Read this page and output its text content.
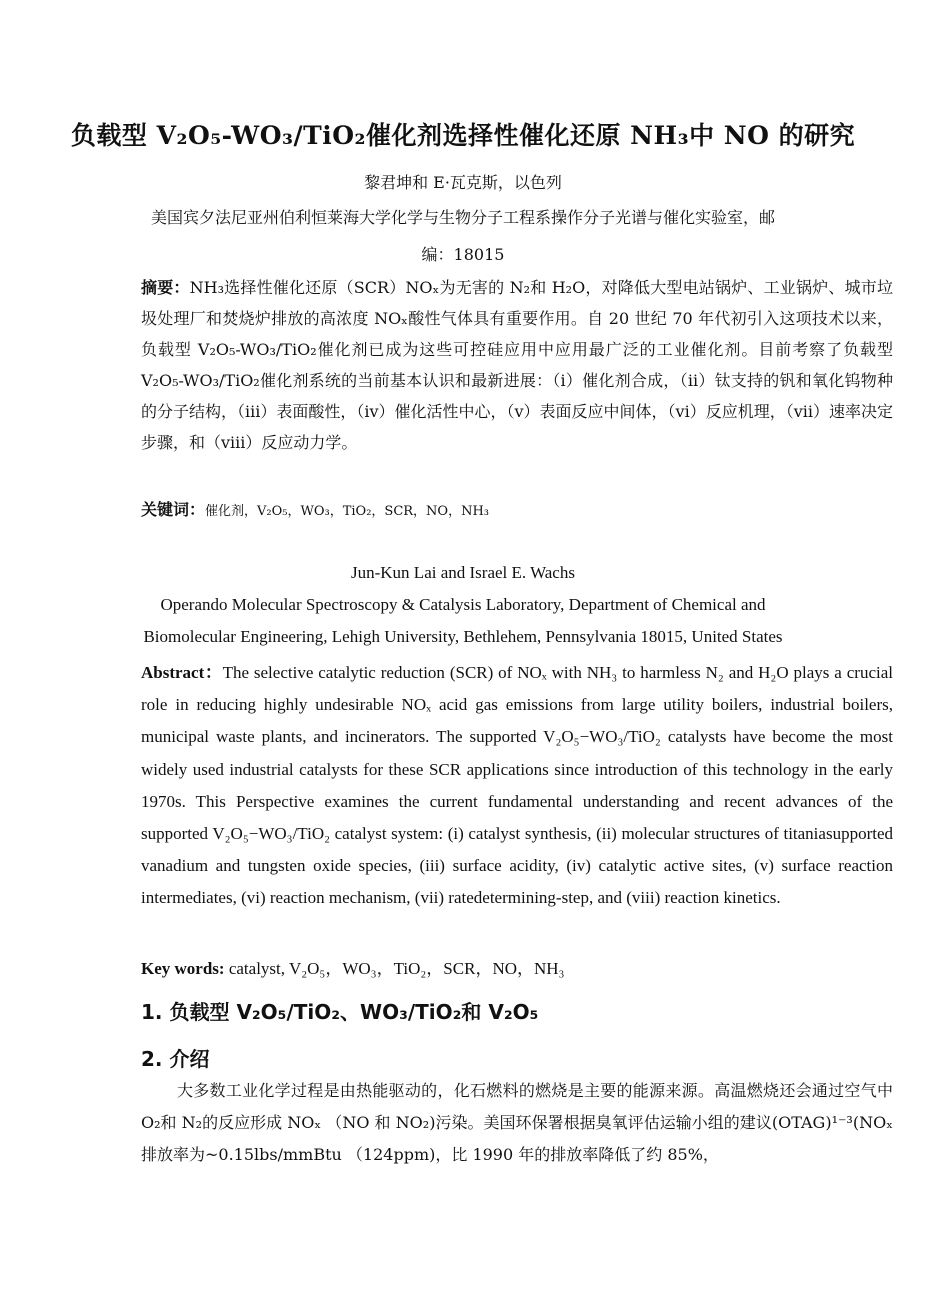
负载型 V₂O₅-WO₃/TiO₂催化剂选择性催化还原 NH₃中 NO 的研究
黎君坤和 E·瓦克斯，以色列
美国宾夕法尼亚州伯利恒莱海大学化学与生物分子工程系操作分子光谱与催化实验室，邮
编：18015
摘要：NH₃选择性催化还原（SCR）NOₓ为无害的 N₂和 H₂O，对降低大型电站锅炉、工业锅炉、城市垃圾处理厂和焚烧炉排放的高浓度 NOₓ酸性气体具有重要作用。自 20 世纪 70 年代初引入这项技术以来，负载型 V₂O₅-WO₃/TiO₂催化剂已成为这些可控硅应用中应用最广泛的工业催化剂。目前考察了负载型 V₂O₅-WO₃/TiO₂催化剂系统的当前基本认识和最新进展：（i）催化剂合成，（ii）钛支持的钒和氧化钨物种的分子结构，（iii）表面酸性，（iv）催化活性中心，（v）表面反应中间体，（vi）反应机理，（vii）速率决定步骤，和（viii）反应动力学。
关键词：催化剂，V₂O₅，WO₃，TiO₂，SCR，NO，NH₃
Jun-Kun Lai and Israel E. Wachs
Operando Molecular Spectroscopy & Catalysis Laboratory, Department of Chemical and
Biomolecular Engineering, Lehigh University, Bethlehem, Pennsylvania 18015, United States
Abstract：The selective catalytic reduction (SCR) of NOₓ with NH₃ to harmless N₂ and H₂O plays a crucial role in reducing highly undesirable NOₓ acid gas emissions from large utility boilers, industrial boilers, municipal waste plants, and incinerators. The supported V₂O₅−WO₃/TiO₂ catalysts have become the most widely used industrial catalysts for these SCR applications since introduction of this technology in the early 1970s. This Perspective examines the current fundamental understanding and recent advances of the supported V₂O₅−WO₃/TiO₂ catalyst system: (i) catalyst synthesis, (ii) molecular structures of titaniasupported vanadium and tungsten oxide species, (iii) surface acidity, (iv) catalytic active sites, (v) surface reaction intermediates, (vi) reaction mechanism, (vii) ratedetermining-step, and (viii) reaction kinetics.
Key words: catalyst, V₂O₅，WO₃，TiO₂，SCR，NO，NH₃
1. 负载型 V₂O₅/TiO₂、WO₃/TiO₂和 V₂O₅
2. 介绍
大多数工业化学过程是由热能驱动的，化石燃料的燃烧是主要的能源来源。高温燃烧还会通过空气中 O₂和 N₂的反应形成 NOₓ （NO 和 NO₂)污染。美国环保署根据臭氧评估运输小组的建议(OTAG)¹⁻³(NOₓ排放率为~0.15lbs/mmBtu （124ppm)，比 1990 年的排放率降低了约 85%，
